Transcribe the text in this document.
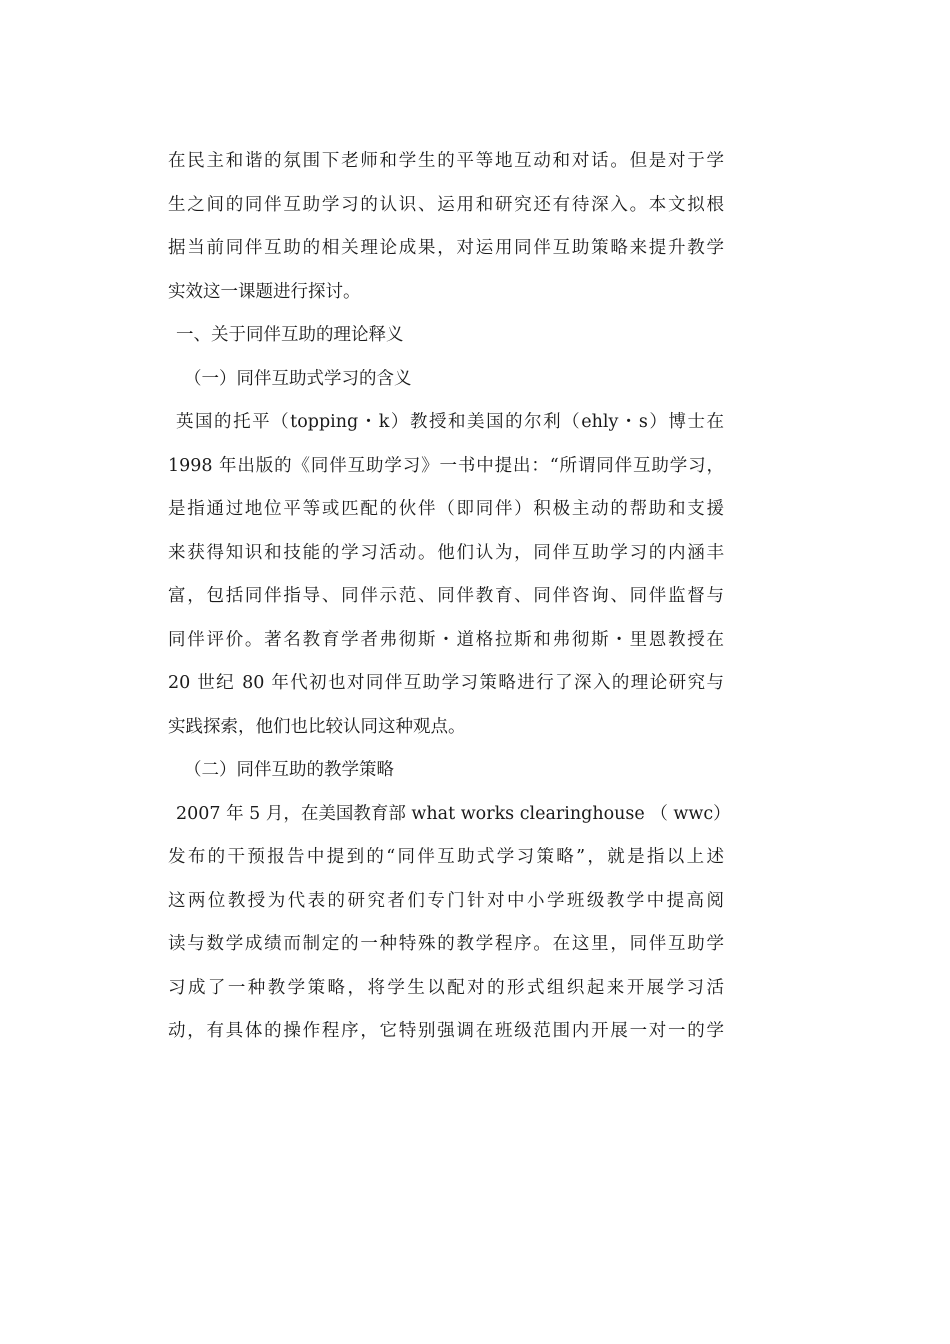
在民主和谐的氛围下老师和学生的平等地互动和对话。但是对于学
生之间的同伴互助学习的认识、运用和研究还有待深入。本文拟根
据当前同伴互助的相关理论成果，对运用同伴互助策略来提升教学
实效这一课题进行探讨。
一、关于同伴互助的理论释义
（一）同伴互助式学习的含义
英国的托平（topping・k）教授和美国的尔利（ehly・s）博士在
1998 年出版的《同伴互助学习》一书中提出：“所谓同伴互助学习，
是指通过地位平等或匹配的伙伴（即同伴）积极主动的帮助和支援
来获得知识和技能的学习活动。他们认为，同伴互助学习的内涵丰
富，包括同伴指导、同伴示范、同伴教育、同伴咨询、同伴监督与
同伴评价。著名教育学者弗彻斯・道格拉斯和弗彻斯・里恩教授在
20 世纪 80 年代初也对同伴互助学习策略进行了深入的理论研究与
实践探索，他们也比较认同这种观点。
（二）同伴互助的教学策略
2007 年 5 月，在美国教育部 what works clearinghouse （ wwc）
发布的干预报告中提到的“同伴互助式学习策略”，就是指以上述
这两位教授为代表的研究者们专门针对中小学班级教学中提高阅
读与数学成绩而制定的一种特殊的教学程序。在这里，同伴互助学
习成了一种教学策略，将学生以配对的形式组织起来开展学习活
动，有具体的操作程序，它特别强调在班级范围内开展一对一的学
